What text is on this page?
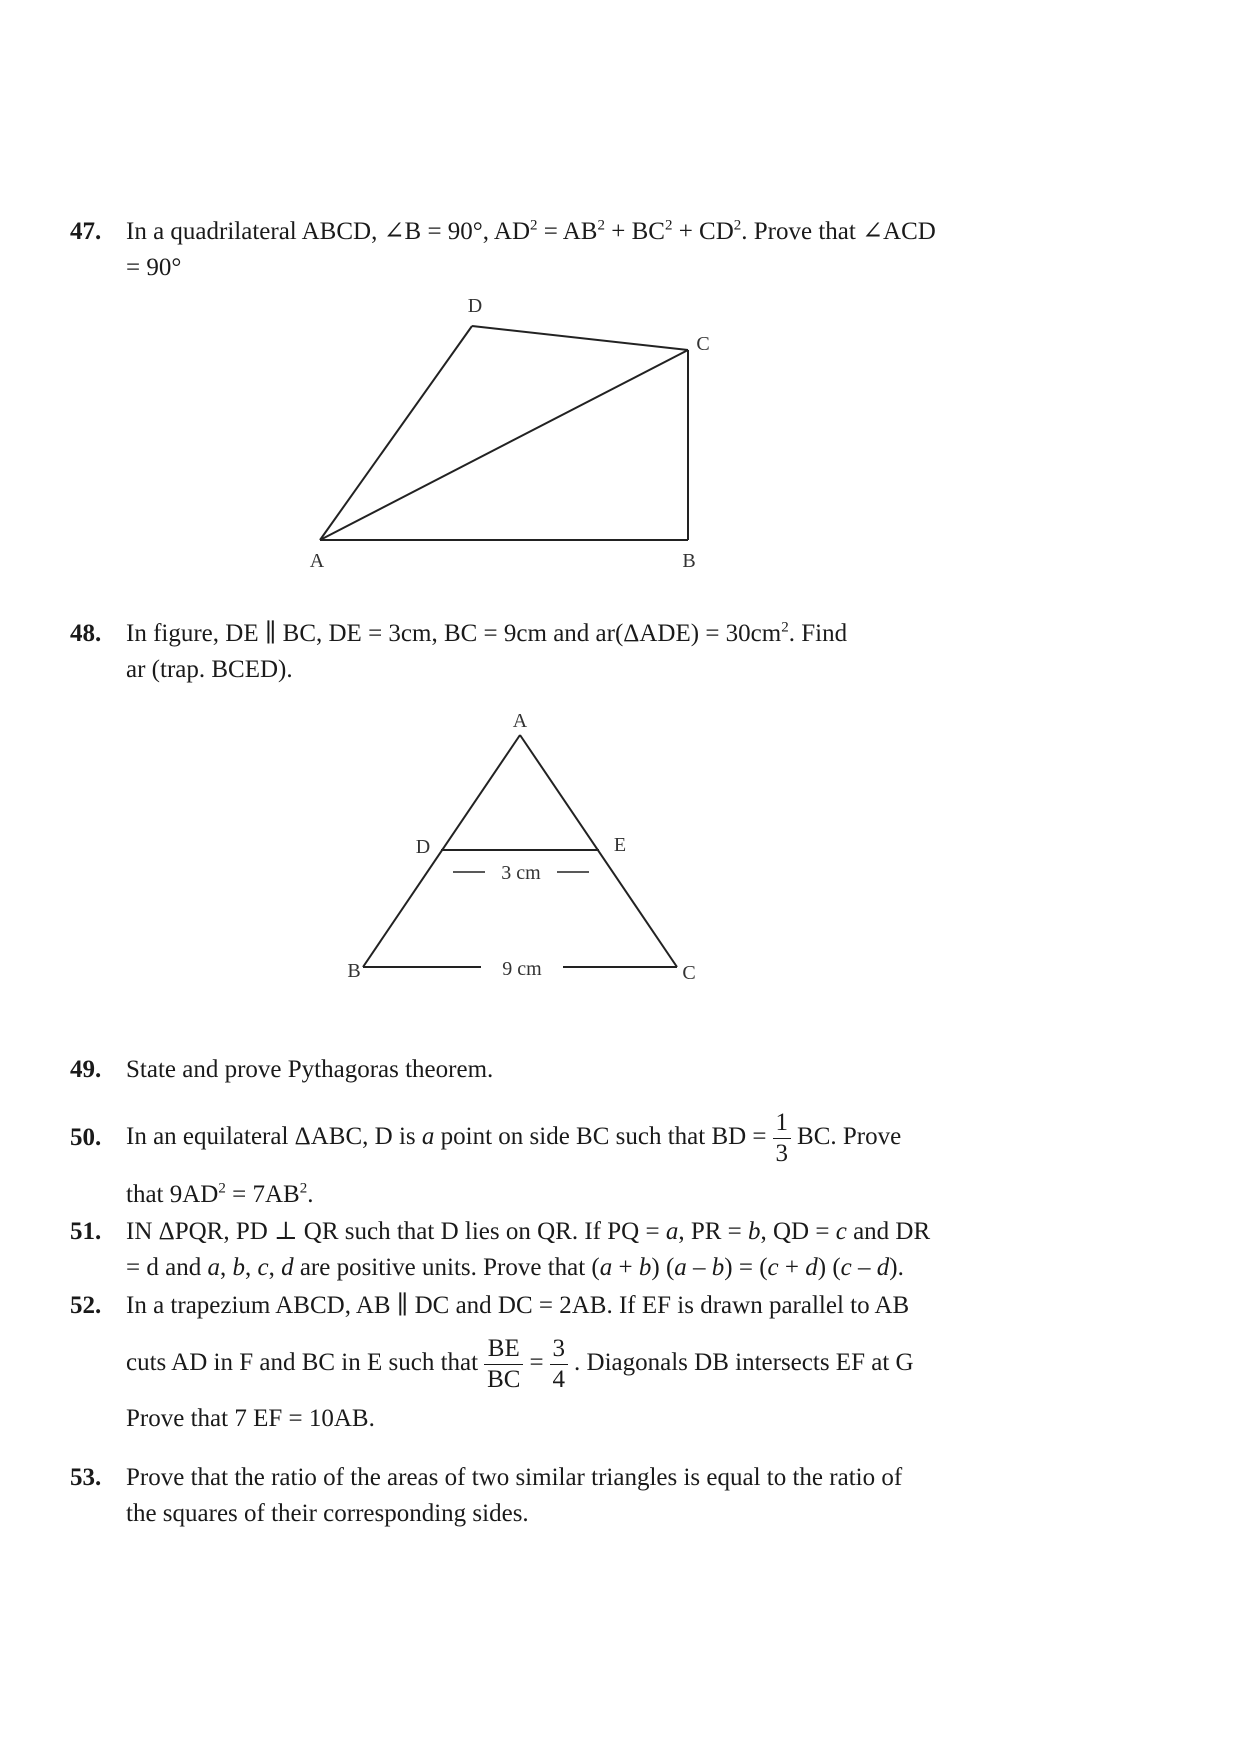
47. In a quadrilateral ABCD, ∠B = 90°, $AD^2 = AB^2 + BC^2 + CD^2$. Prove that ∠ACD
= 90°
D
C
A	B
48. In figure, DE ∥ BC, DE = 3cm, BC = 9cm and $ar(\Delta ADE) = 30cm^2$. Find
ar (trap. BCED).
3 cm
9 cm
A
D	E
B	C
49. State and prove Pythagoras theorem.
50. In an equilateral ΔABC, D is a point on side BC such that BD = $\frac{1}{3}$ BC. Prove
that $9AD^2 = 7AB^2$.
51. IN ΔPQR, PD ⊥ QR such that D lies on QR. If PQ = a, PR = b, QD = c and DR
= d and a, b, c, d are positive units. Prove that (a + b) (a – b) = (c + d) (c – d).
52. In a trapezium ABCD, AB ∥ DC and DC = 2AB. If EF is drawn parallel to AB
cuts AD in F and BC in E such that $\frac{BE}{BC} = \frac{3}{4}$ . Diagonals DB intersects EF at G
Prove that 7 EF = 10AB.
53. Prove that the ratio of the areas of two similar triangles is equal to the ratio of
the squares of their corresponding sides.
